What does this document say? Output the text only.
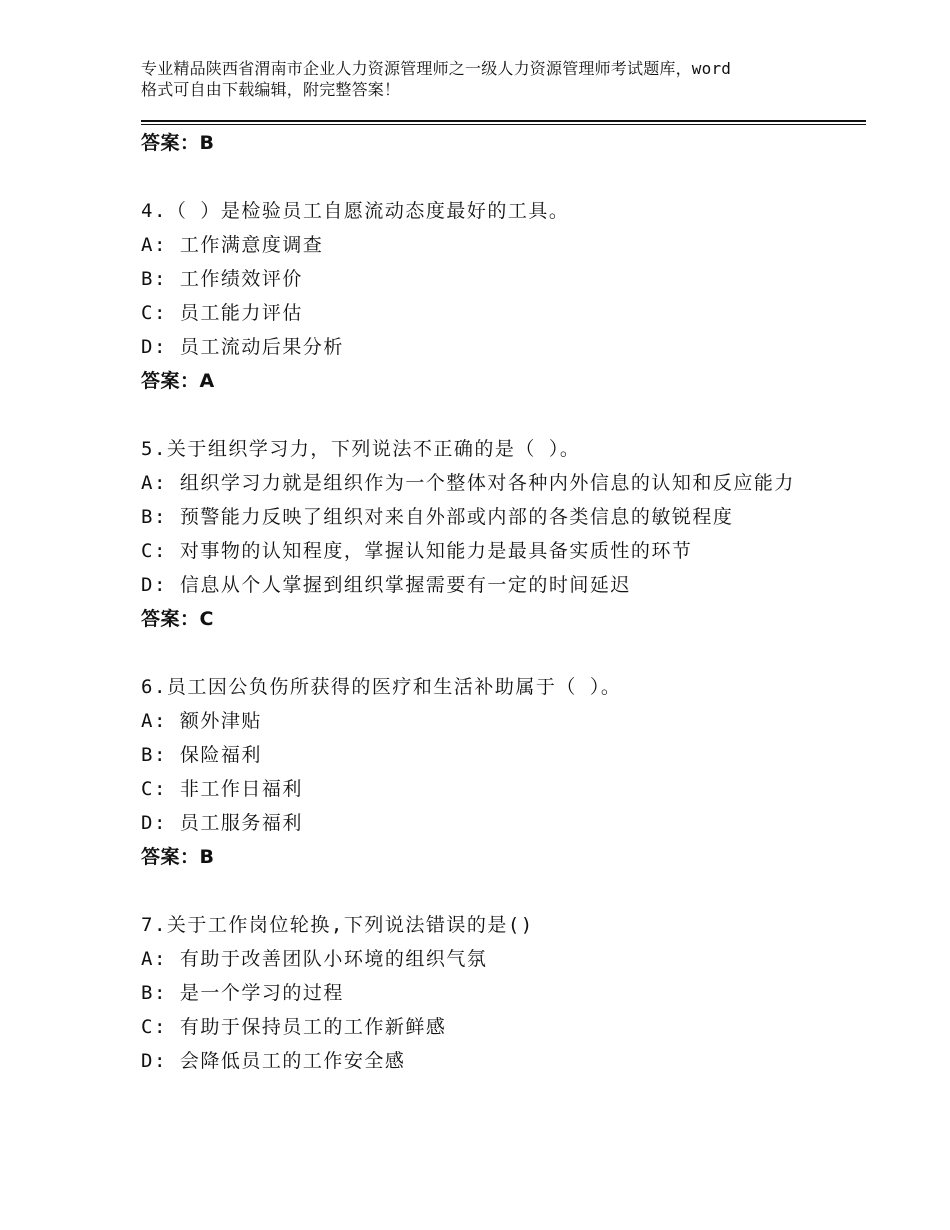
专业精品陕西省渭南市企业人力资源管理师之一级人力资源管理师考试题库，word
格式可自由下载编辑，附完整答案！
答案：B
4.（ ）是检验员工自愿流动态度最好的工具。
A: 工作满意度调查
B: 工作绩效评价
C: 员工能力评估
D: 员工流动后果分析
答案：A
5.关于组织学习力，下列说法不正确的是（ ）。
A: 组织学习力就是组织作为一个整体对各种内外信息的认知和反应能力
B: 预警能力反映了组织对来自外部或内部的各类信息的敏锐程度
C: 对事物的认知程度，掌握认知能力是最具备实质性的环节
D: 信息从个人掌握到组织掌握需要有一定的时间延迟
答案：C
6.员工因公负伤所获得的医疗和生活补助属于（ ）。
A: 额外津贴
B: 保险福利
C: 非工作日福利
D: 员工服务福利
答案：B
7.关于工作岗位轮换,下列说法错误的是()
A: 有助于改善团队小环境的组织气氛
B: 是一个学习的过程
C: 有助于保持员工的工作新鲜感
D: 会降低员工的工作安全感
